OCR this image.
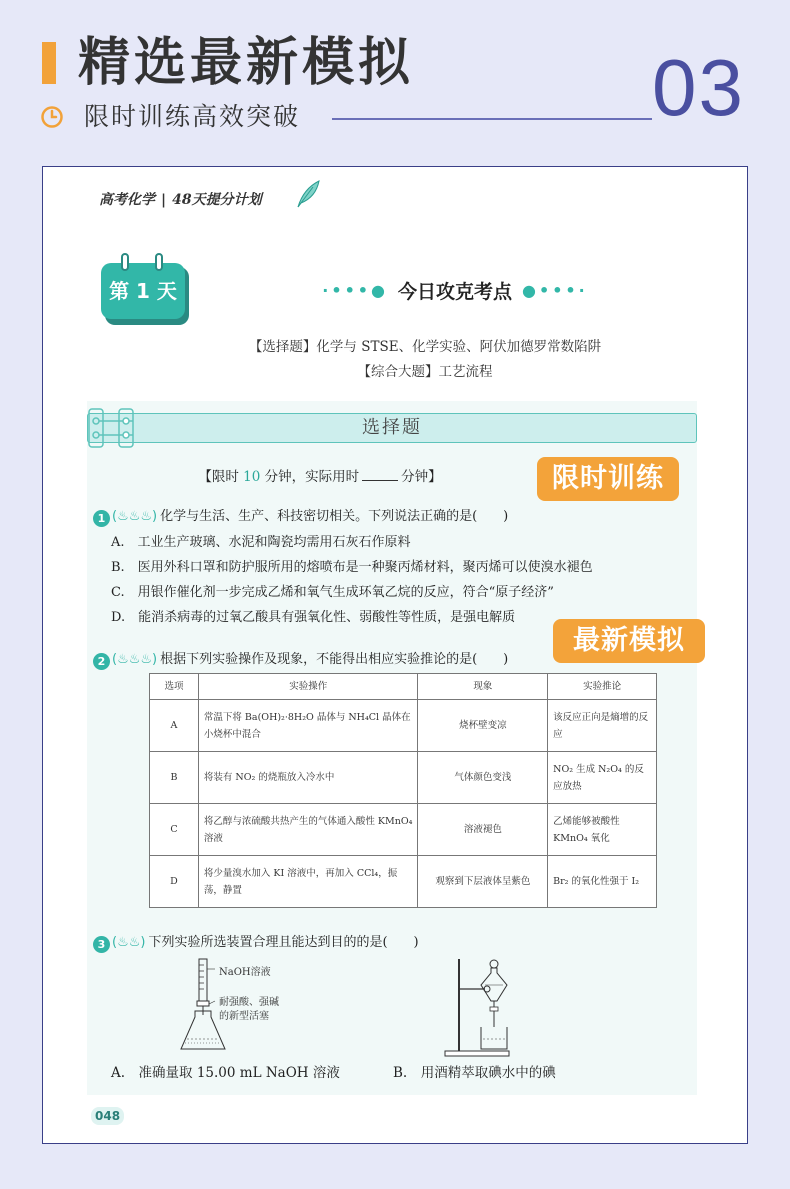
精选最新模拟
限时训练高效突破	03
高考化学 | 48天提分计划
第 1 天	·•••● 今日攻克考点 ●•••·
【选择题】化学与 STSE、化学实验、阿伏加德罗常数陷阱
【综合大题】工艺流程
选择题
【限时 10 分钟，实际用时	分钟】	限时训练
1 (♨♨♨) 化学与生活、生产、科技密切相关。下列说法正确的是(　　)
A.　工业生产玻璃、水泥和陶瓷均需用石灰石作原料
B.　医用外科口罩和防护服所用的熔喷布是一种聚丙烯材料，聚丙烯可以使溴水褪色
C.　用银作催化剂一步完成乙烯和氧气生成环氧乙烷的反应，符合“原子经济”
D.　能消杀病毒的过氧乙酸具有强氧化性、弱酸性等性质，是强电解质
最新模拟
2 (♨♨♨) 根据下列实验操作及现象，不能得出相应实验推论的是(　　)
选项	实验操作	现象	实验推论
A	常温下将 Ba(OH)₂·8H₂O 晶体与 NH₄Cl 晶体在小烧杯中混合	烧杯壁变凉	该反应正向是熵增的反应
B	将装有 NO₂ 的烧瓶放入冷水中	气体颜色变浅	NO₂ 生成 N₂O₄ 的反应放热
C	将乙醇与浓硫酸共热产生的气体通入酸性 KMnO₄ 溶液	溶液褪色	乙烯能够被酸性 KMnO₄ 氧化
D	将少量溴水加入 KI 溶液中，再加入 CCl₄，振荡，静置	观察到下层液体呈紫色	Br₂ 的氧化性强于 I₂
3 (♨♨) 下列实验所选装置合理且能达到目的的是(　　)
NaOH溶液
耐强酸、强碱
的新型活塞
A.　准确量取 15.00 mL NaOH 溶液	B.　用酒精萃取碘水中的碘
048
